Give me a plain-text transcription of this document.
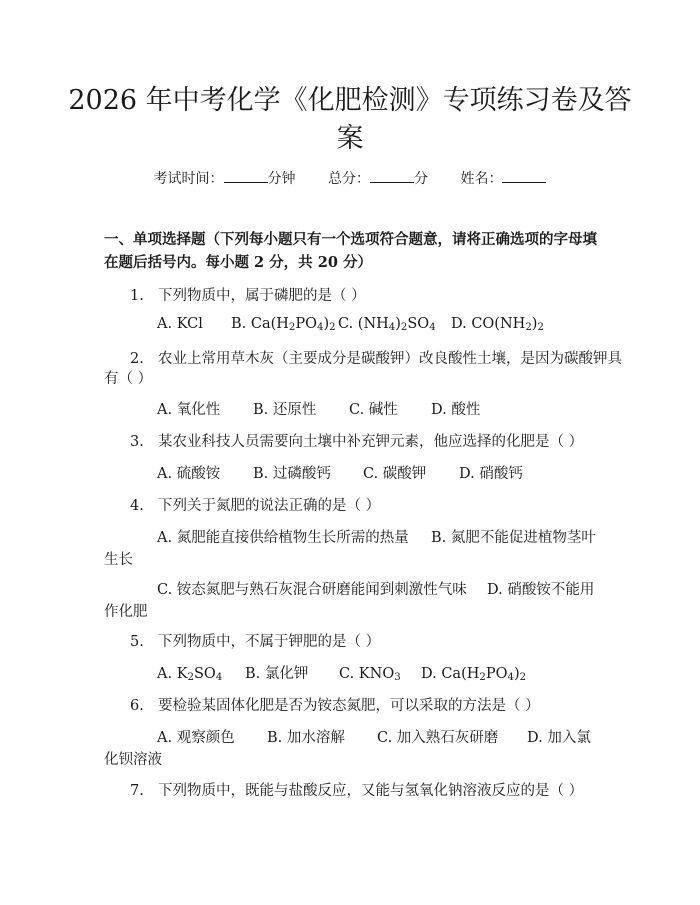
2026 年中考化学《化肥检测》专项练习卷及答案
考试时间：	分钟 总分：	分 姓名：
一、单项选择题（下列每小题只有一个选项符合题意，请将正确选项的字母填在题后括号内。每小题 2 分，共 20 分）
1. 下列物质中，属于磷肥的是（ ）
A. KCl B. $Ca(H_2PO_4)_2$ C. $(NH_4)_2SO_4$ D. $CO(NH_2)_2$
2. 农业上常用草木灰（主要成分是碳酸钾）改良酸性土壤，是因为碳酸钾具
有（ ）
A. 氧化性 B. 还原性 C. 碱性 D. 酸性
3. 某农业科技人员需要向土壤中补充钾元素，他应选择的化肥是（ ）
A. 硫酸铵 B. 过磷酸钙 C. 碳酸钾 D. 硝酸钙
4. 下列关于氮肥的说法正确的是（ ）
A. 氮肥能直接供给植物生长所需的热量 B. 氮肥不能促进植物茎叶
生长
C. 铵态氮肥与熟石灰混合研磨能闻到刺激性气味 D. 硝酸铵不能用
作化肥
5. 下列物质中，不属于钾肥的是（ ）
A. $K_2SO_4$ B. 氯化钾 C. $KNO_3$ D. $Ca(H_2PO_4)_2$
6. 要检验某固体化肥是否为铵态氮肥，可以采取的方法是（ ）
A. 观察颜色 B. 加水溶解 C. 加入熟石灰研磨 D. 加入氯
化钡溶液
7. 下列物质中，既能与盐酸反应，又能与氢氧化钠溶液反应的是（ ）
